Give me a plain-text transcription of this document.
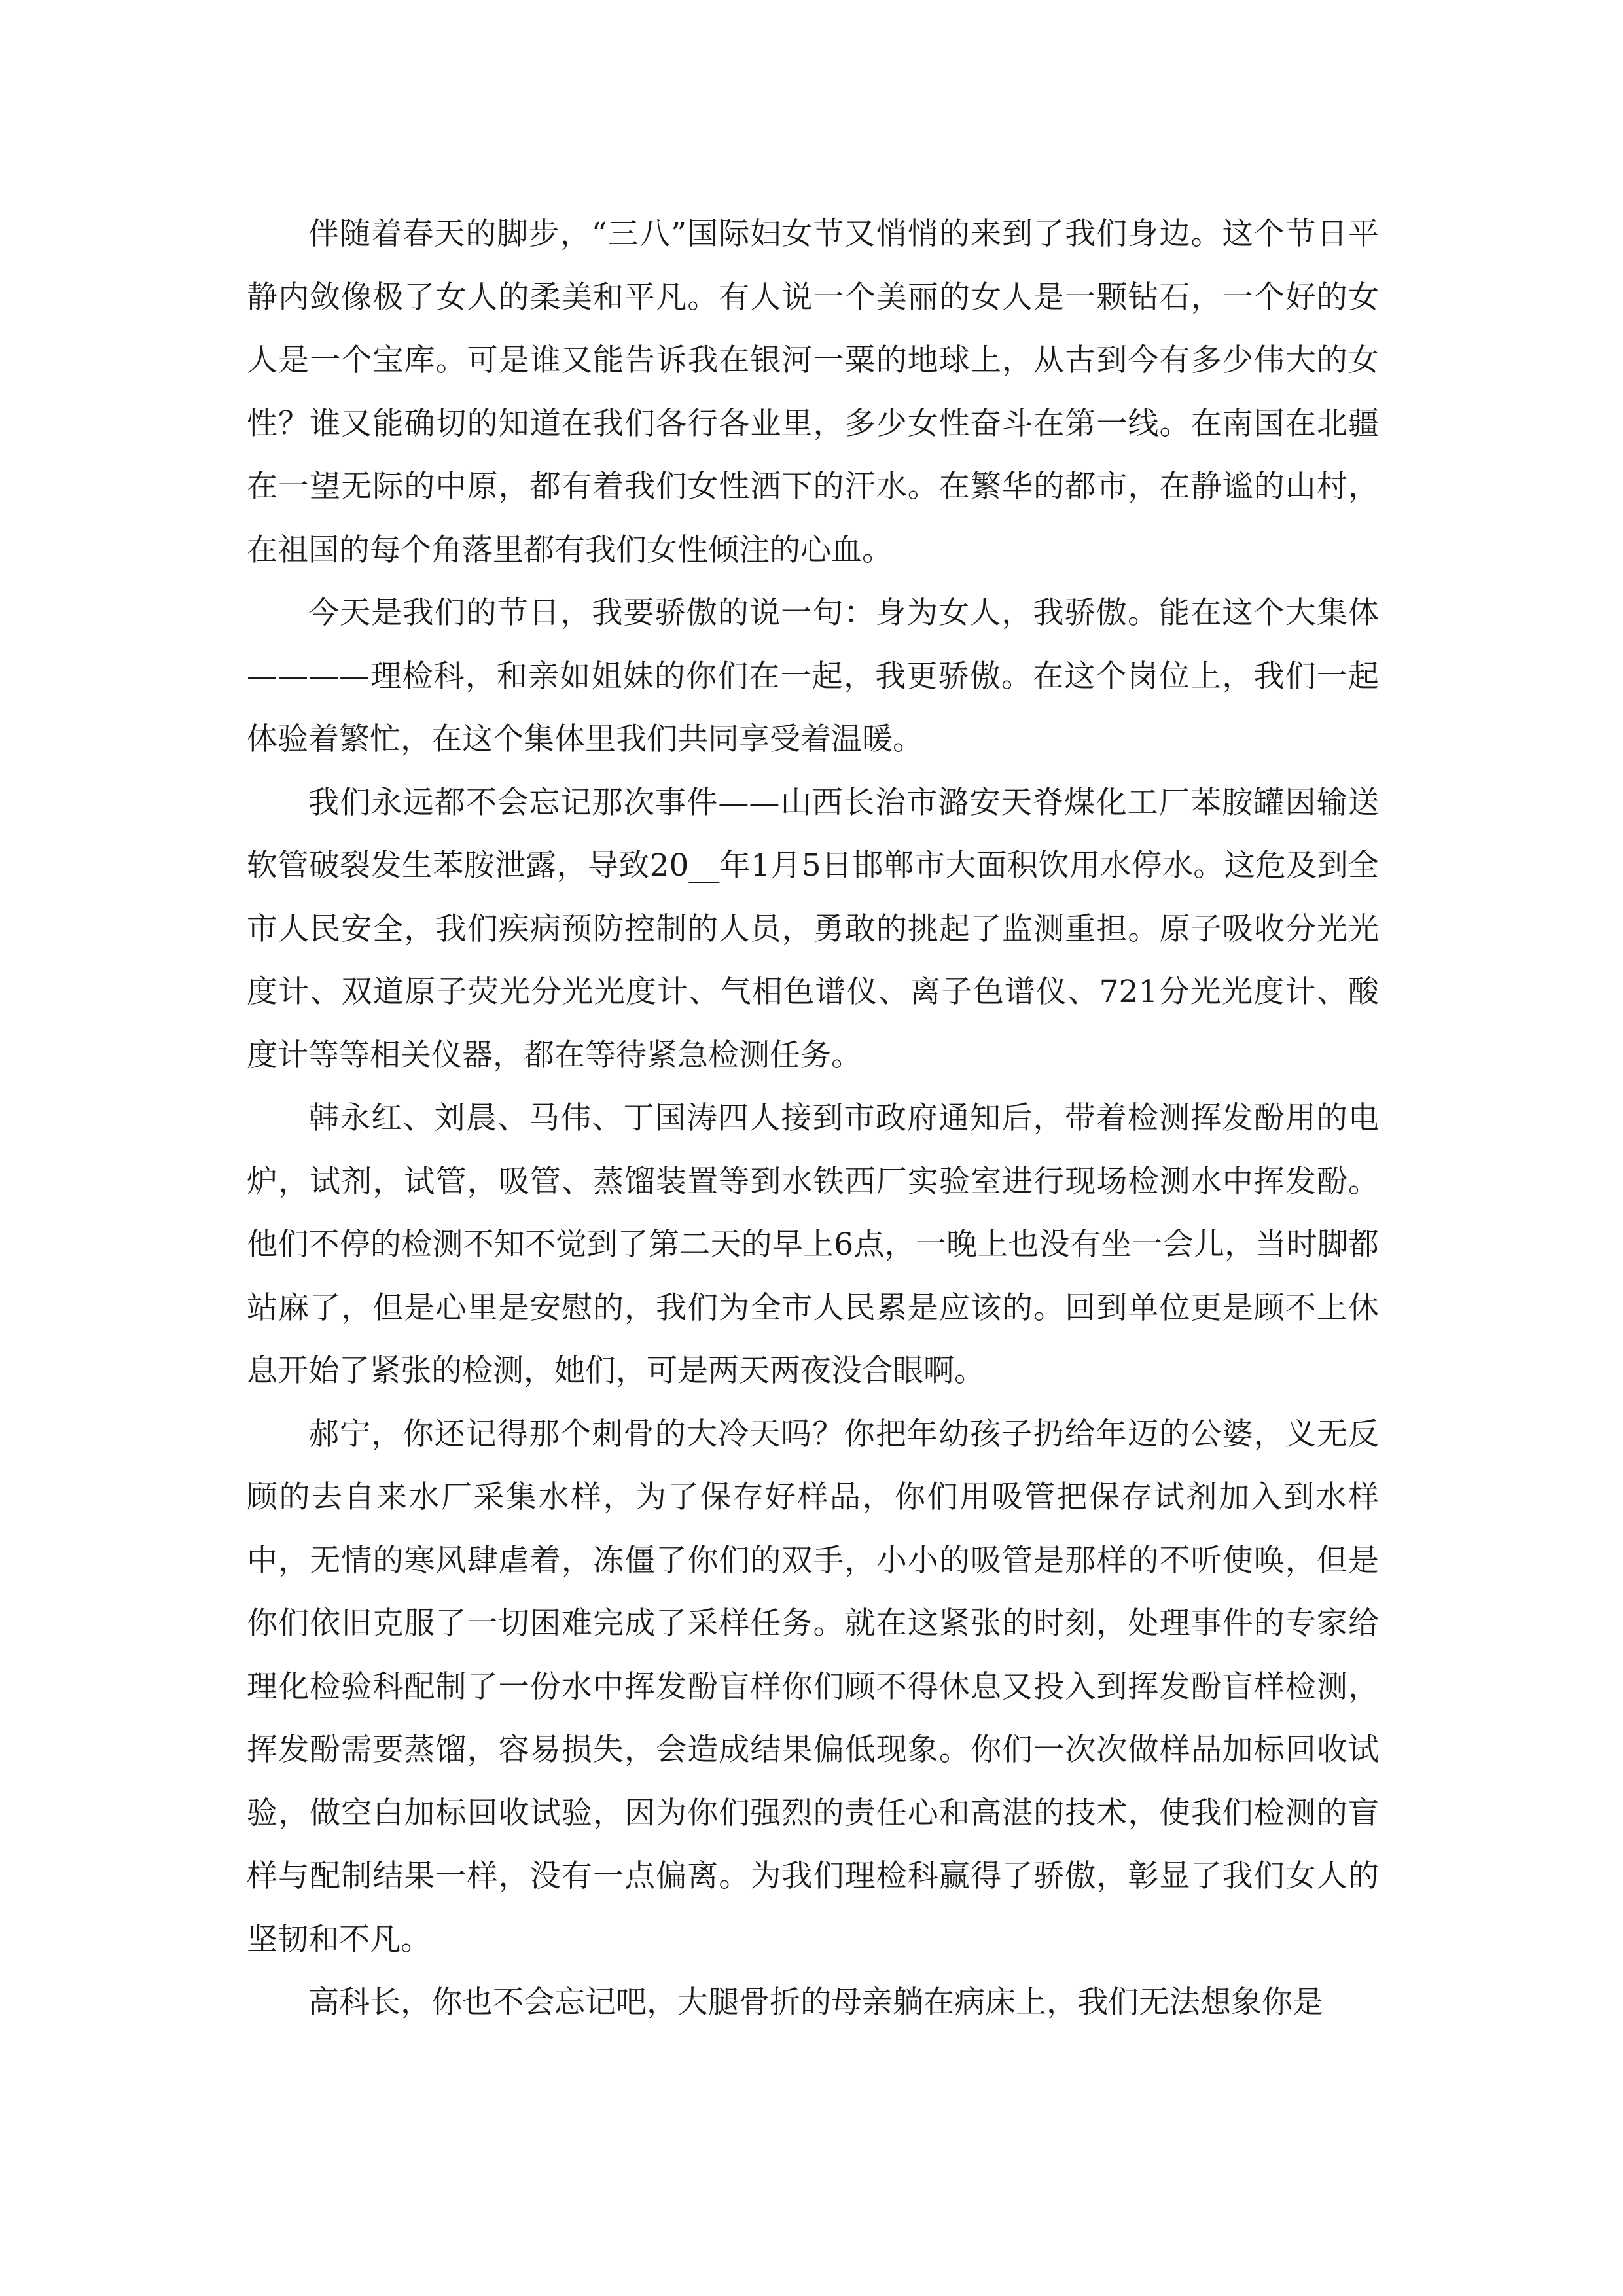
伴随着春天的脚步，“三八”国际妇女节又悄悄的来到了我们身边。这个节日平静内敛像极了女人的柔美和平凡。有人说一个美丽的女人是一颗钻石，一个好的女人是一个宝库。可是谁又能告诉我在银河一粟的地球上，从古到今有多少伟大的女性？谁又能确切的知道在我们各行各业里，多少女性奋斗在第一线。在南国在北疆在一望无际的中原，都有着我们女性洒下的汗水。在繁华的都市，在静谧的山村，在祖国的每个角落里都有我们女性倾注的心血。

今天是我们的节日，我要骄傲的说一句：身为女人，我骄傲。能在这个大集体————理检科，和亲如姐妹的你们在一起，我更骄傲。在这个岗位上，我们一起体验着繁忙，在这个集体里我们共同享受着温暖。

我们永远都不会忘记那次事件——山西长治市潞安天脊煤化工厂苯胺罐因输送软管破裂发生苯胺泄露，导致20__年1月5日邯郸市大面积饮用水停水。这危及到全市人民安全，我们疾病预防控制的人员，勇敢的挑起了监测重担。原子吸收分光光度计、双道原子荧光分光光度计、气相色谱仪、离子色谱仪、721分光光度计、酸度计等等相关仪器，都在等待紧急检测任务。

韩永红、刘晨、马伟、丁国涛四人接到市政府通知后，带着检测挥发酚用的电炉，试剂，试管，吸管、蒸馏装置等到水铁西厂实验室进行现场检测水中挥发酚。他们不停的检测不知不觉到了第二天的早上6点，一晚上也没有坐一会儿，当时脚都站麻了，但是心里是安慰的，我们为全市人民累是应该的。回到单位更是顾不上休息开始了紧张的检测，她们，可是两天两夜没合眼啊。

郝宁，你还记得那个刺骨的大冷天吗？你把年幼孩子扔给年迈的公婆，义无反顾的去自来水厂采集水样，为了保存好样品，你们用吸管把保存试剂加入到水样中，无情的寒风肆虐着，冻僵了你们的双手，小小的吸管是那样的不听使唤，但是你们依旧克服了一切困难完成了采样任务。就在这紧张的时刻，处理事件的专家给理化检验科配制了一份水中挥发酚盲样你们顾不得休息又投入到挥发酚盲样检测，挥发酚需要蒸馏，容易损失，会造成结果偏低现象。你们一次次做样品加标回收试验，做空白加标回收试验，因为你们强烈的责任心和高湛的技术，使我们检测的盲样与配制结果一样，没有一点偏离。为我们理检科赢得了骄傲，彰显了我们女人的坚韧和不凡。

高科长，你也不会忘记吧，大腿骨折的母亲躺在病床上，我们无法想象你是
